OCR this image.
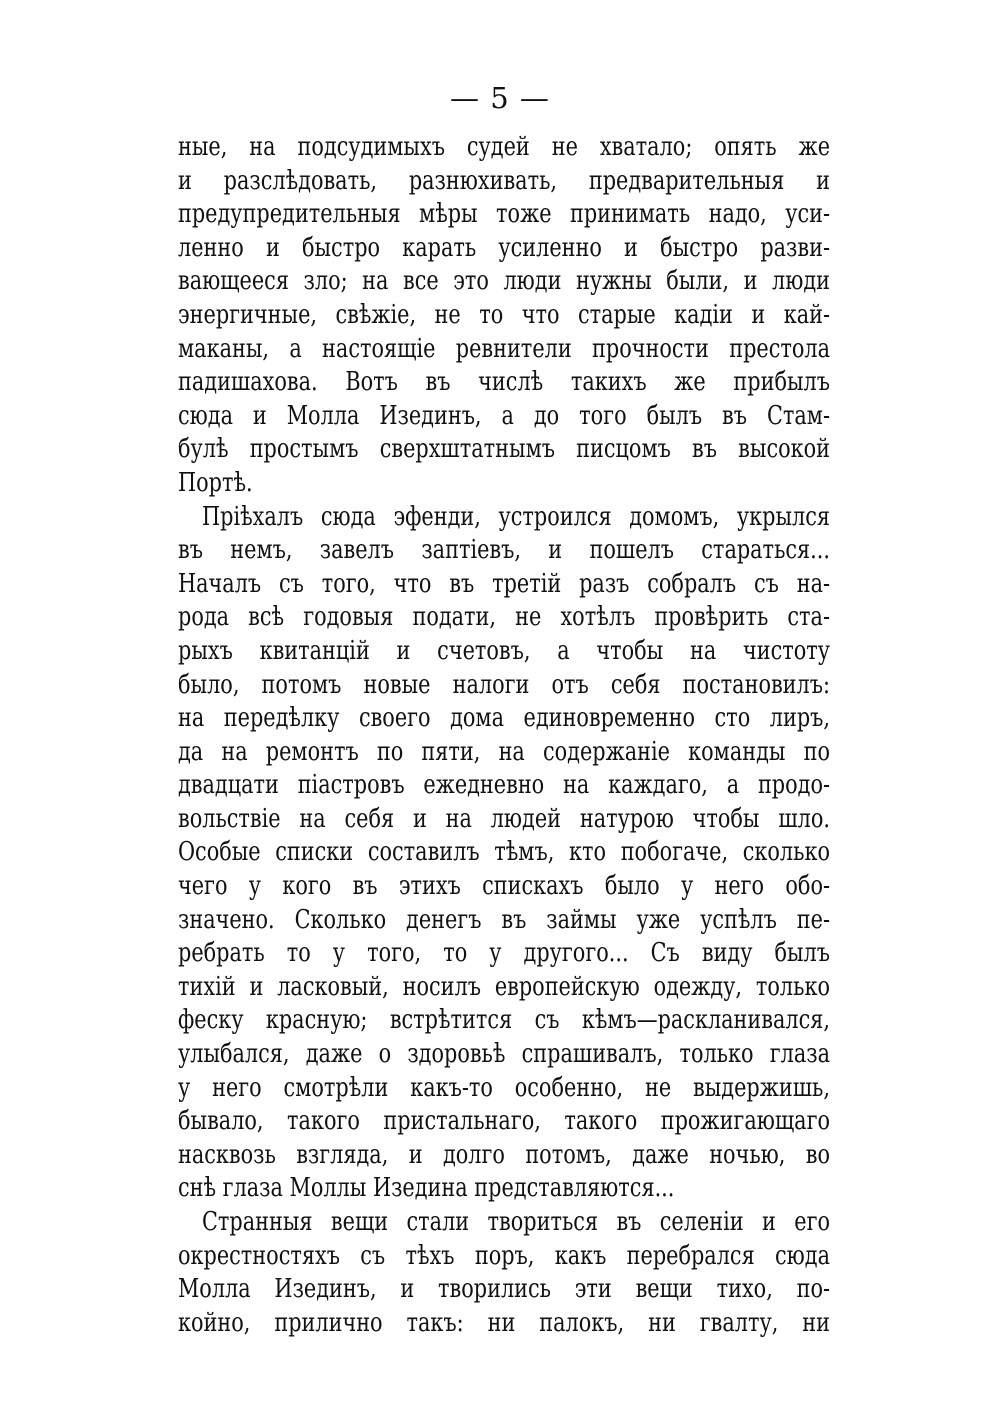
— 5 —
ные, на подсудимыхъ судей не хватало; опять же
и разслѣдовать, разнюхивать, предварительныя и
предупредительныя мѣры тоже принимать надо, уси-
ленно и быстро карать усиленно и быстро разви-
вающееся зло; на все это люди нужны были, и люди
энергичные, свѣжіе, не то что старые кадіи и кай-
маканы, а настоящіе ревнители прочности престола
падишахова. Вотъ въ числѣ такихъ же прибылъ
сюда и Молла Изединъ, а до того былъ въ Стам-
булѣ простымъ сверхштатнымъ писцомъ въ высокой
Портѣ.
Пріѣхалъ сюда эфенди, устроился домомъ, укрылся
въ немъ, завелъ заптіевъ, и пошелъ стараться...
Началъ съ того, что въ третій разъ собралъ съ на-
рода всѣ годовыя подати, не хотѣлъ провѣрить ста-
рыхъ квитанцій и счетовъ, а чтобы на чистоту
было, потомъ новые налоги отъ себя постановилъ:
на передѣлку своего дома единовременно сто лиръ,
да на ремонтъ по пяти, на содержаніе команды по
двадцати піастровъ ежедневно на каждаго, а продо-
вольствіе на себя и на людей натурою чтобы шло.
Особые списки составилъ тѣмъ, кто побогаче, сколько
чего у кого въ этихъ спискахъ было у него обо-
значено. Сколько денегъ въ займы уже успѣлъ пе-
ребрать то у того, то у другого... Съ виду былъ
тихій и ласковый, носилъ европейскую одежду, только
феску красную; встрѣтится съ кѣмъ—раскланивался,
улыбался, даже о здоровьѣ спрашивалъ, только глаза
у него смотрѣли какъ-то особенно, не выдержишь,
бывало, такого пристальнаго, такого прожигающаго
насквозь взгляда, и долго потомъ, даже ночью, во
снѣ глаза Моллы Изедина представляются...
Странныя вещи стали твориться въ селеніи и его
окрестностяхъ съ тѣхъ поръ, какъ перебрался сюда
Молла Изединъ, и творились эти вещи тихо, по-
койно, прилично такъ: ни палокъ, ни гвалту, ни
